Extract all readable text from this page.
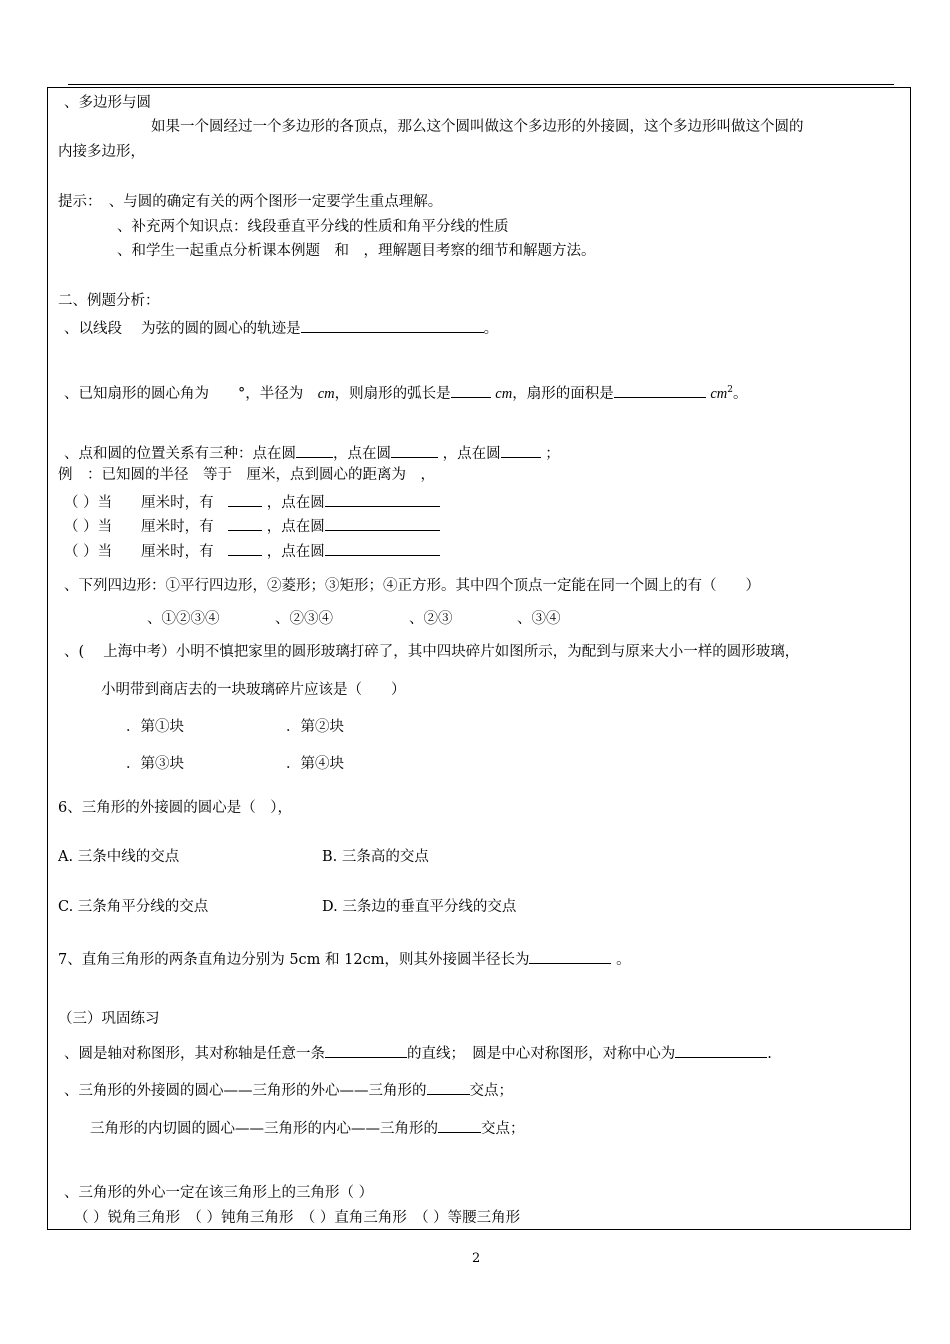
、多边形与圆
如果一个圆经过一个多边形的各顶点，那么这个圆叫做这个多边形的外接圆，这个多边形叫做这个圆的
内接多边形，
提示：　、与圆的确定有关的两个图形一定要学生重点理解。
、补充两个知识点：线段垂直平分线的性质和角平分线的性质
、和学生一起重点分析课本例题　和　，理解题目考察的细节和解题方法。
二、例题分析：
、以线段　 为弦的圆的圆心的轨迹是	。
、已知扇形的圆心角为　　°，半径为　cm，则扇形的弧长是	cm，扇形的面积是	$cm^2$。
、点和圆的位置关系有三种：点在圆	，点在圆	，点在圆	；
例　：已知圆的半径　等于　厘米，点到圆心的距离为　，
（ ）当　　厘米时，有　	，点在圆
（ ）当　　厘米时，有　	，点在圆
（ ）当　　厘米时，有　	，点在圆
、下列四边形：①平行四边形，②菱形；③矩形；④正方形。其中四个顶点一定能在同一个圆上的有（　　）
、①②③④	、②③④	、②③	、③④
、(　 上海中考）小明不慎把家里的圆形玻璃打碎了，其中四块碎片如图所示，为配到与原来大小一样的圆形玻璃，
小明带到商店去的一块玻璃碎片应该是（　　）
．第①块	．第②块
．第③块	．第④块
6、三角形的外接圆的圆心是（　），
A. 三条中线的交点	B. 三条高的交点
C. 三条角平分线的交点	D. 三条边的垂直平分线的交点
7、直角三角形的两条直角边分别为 5cm 和 12cm，则其外接圆半径长为	。
（三）巩固练习
、圆是轴对称图形，其对称轴是任意一条	的直线；　圆是中心对称图形，对称中心为	.
、三角形的外接圆的圆心——三角形的外心——三角形的	交点；
三角形的内切圆的圆心——三角形的内心——三角形的	交点；
、三角形的外心一定在该三角形上的三角形（ ）
（ ）锐角三角形　（ ）钝角三角形　（ ）直角三角形　（ ）等腰三角形
2
